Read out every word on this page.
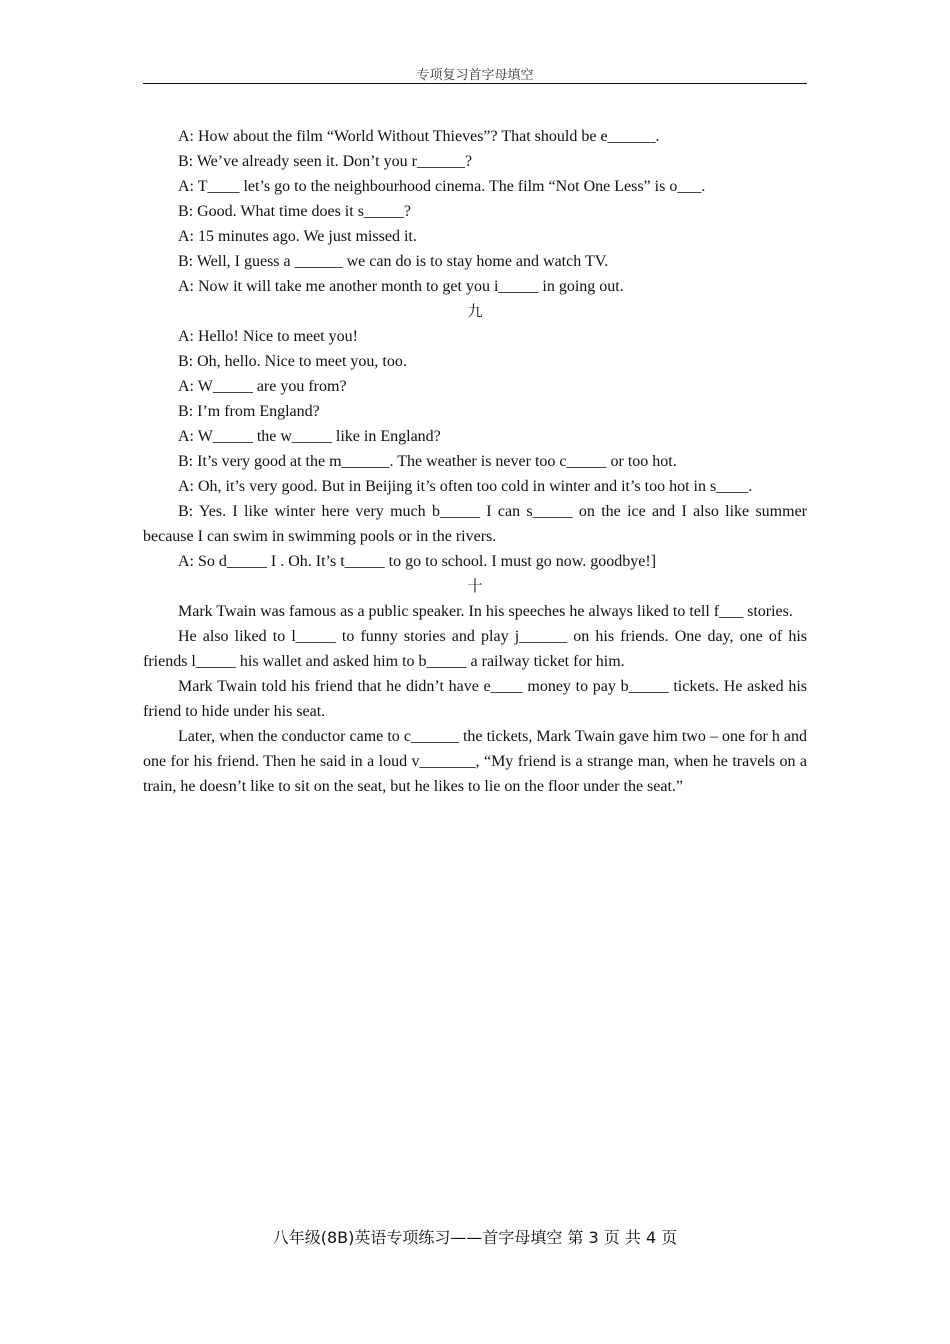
专项复习首字母填空
A: How about the film “World Without Thieves”? That should be e______.
B: We’ve already seen it. Don’t you r______?
A: T____ let’s go to the neighbourhood cinema. The film “Not One Less” is o___.
B: Good. What time does it s_____?
A: 15 minutes ago. We just missed it.
B: Well, I guess a ______ we can do is to stay home and watch TV.
A: Now it will take me another month to get you i_____ in going out.
九
A: Hello! Nice to meet you!
B: Oh, hello. Nice to meet you, too.
A: W_____ are you from?
B: I’m from England?
A: W_____ the w_____ like in England?
B: It’s very good at the m______. The weather is never too c_____ or too hot.
A: Oh, it’s very good. But in Beijing it’s often too cold in winter and it’s too hot in s____.
B: Yes. I like winter here very much b_____ I can s_____ on the ice and I also like summer because I can swim in swimming pools or in the rivers.
A: So d_____ I . Oh. It’s t_____ to go to school. I must go now. goodbye!]
十
Mark Twain was famous as a public speaker. In his speeches he always liked to tell f___ stories.
He also liked to l_____ to funny stories and play j______ on his friends. One day, one of his friends l_____ his wallet and asked him to b_____ a railway ticket for him.
Mark Twain told his friend that he didn’t have e____ money to pay b_____ tickets. He asked his friend to hide under his seat.
Later, when the conductor came to c______ the tickets, Mark Twain gave him two – one for h and one for his friend. Then he said in a loud v_______, “My friend is a strange man, when he travels on a train, he doesn’t like to sit on the seat, but he likes to lie on the floor under the seat.”
八年级(8B)英语专项练习——首字母填空 第 3 页 共 4 页
